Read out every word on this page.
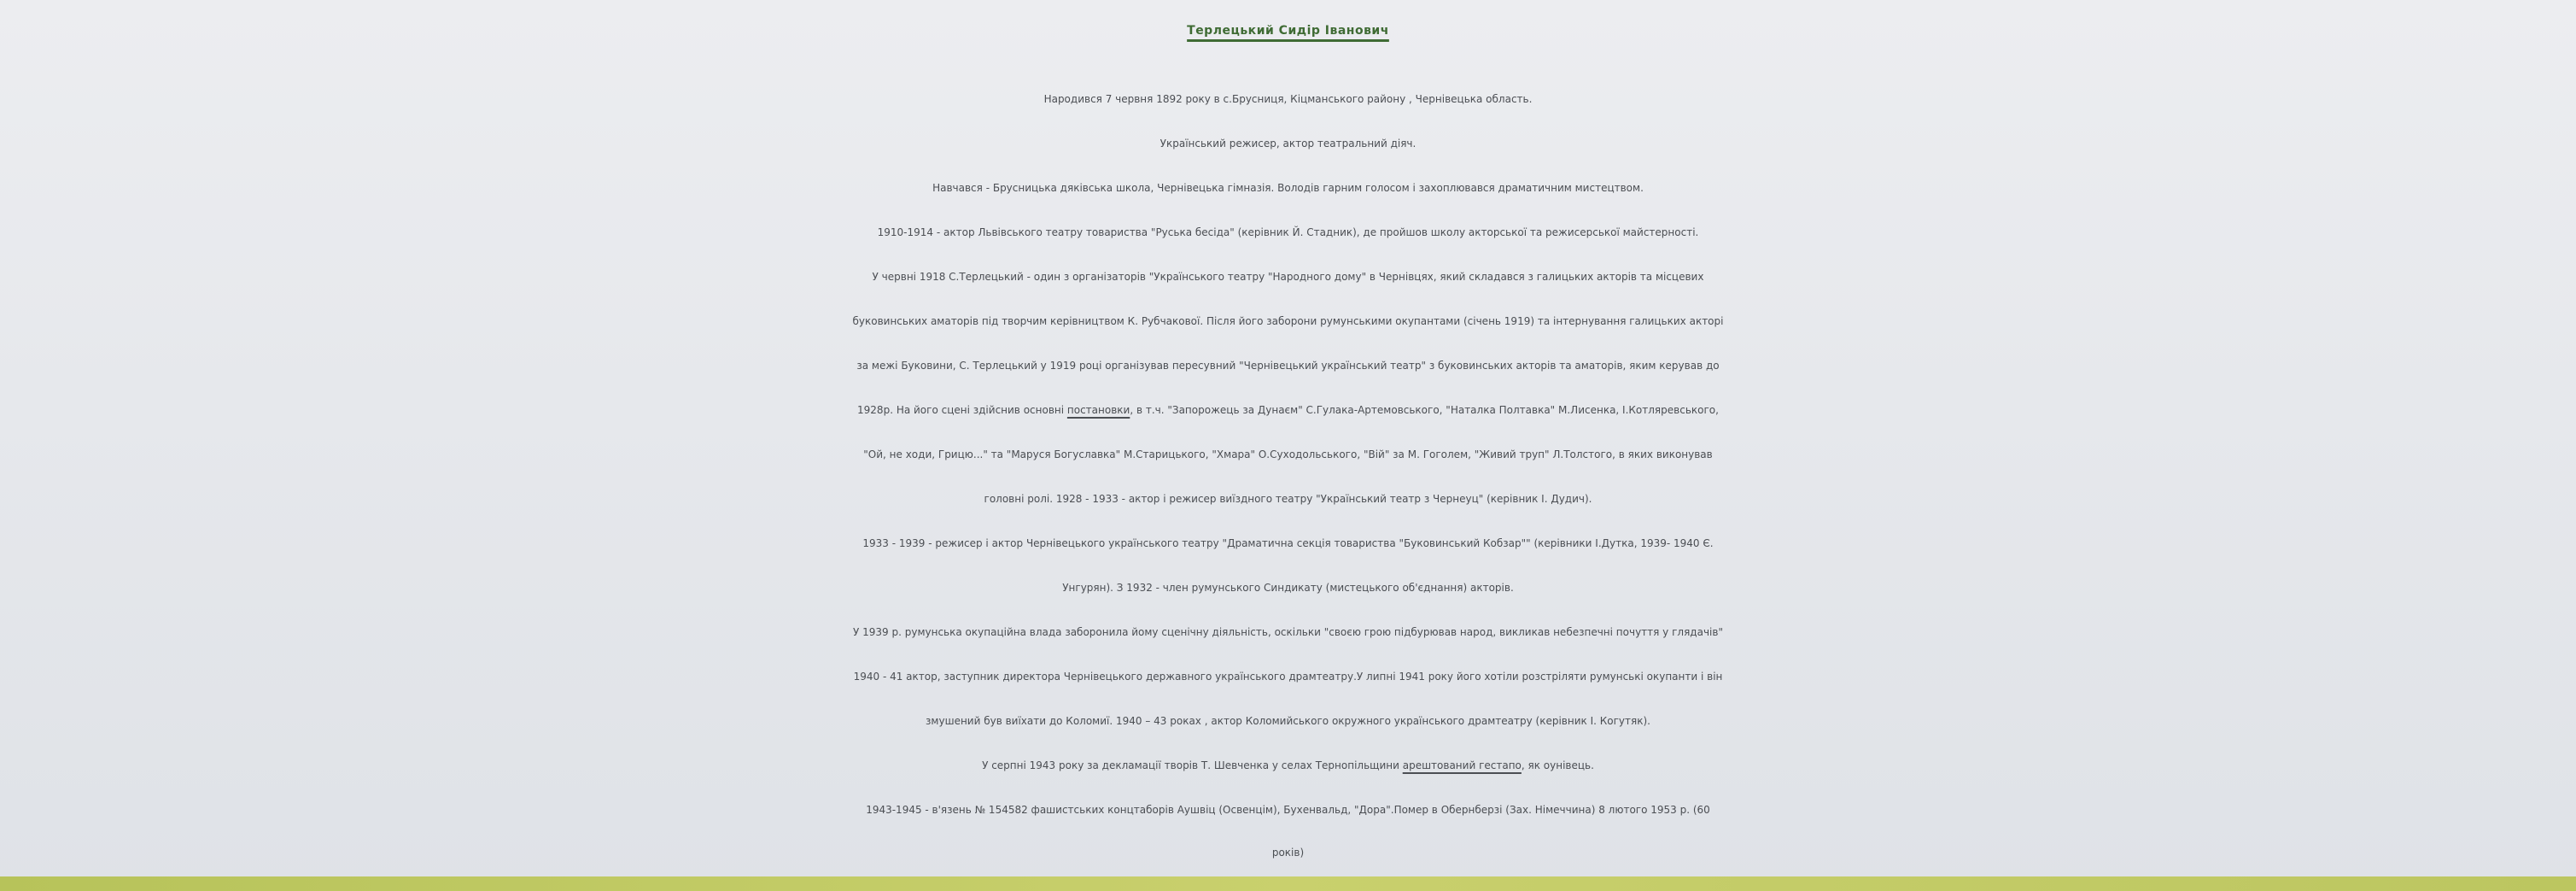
Терлецький Сидір Іванович
Народився 7 червня 1892 року в с.Брусниця, Кіцманського району , Чернівецька область.
Український режисер, актор театральний діяч.
Навчався - Брусницька дяківська школа, Чернівецька гімназія. Володів гарним голосом і захоплювався драматичним мистецтвом.
1910-1914 - актор Львівського театру товариства "Руська бесіда" (керівник Й. Стадник), де пройшов школу акторської та режисерської майстерності.
У червні 1918 С.Терлецький - один з організаторів "Українського театру "Народного дому" в Чернівцях, який складався з галицьких акторів та місцевих
буковинських аматорів під творчим керівництвом К. Рубчакової. Після його заборони румунськими окупантами (січень 1919) та інтернування галицьких акторі
за межі Буковини, С. Терлецький у 1919 році організував пересувний "Чернівецький український театр" з буковинських акторів та аматорів, яким керував до
1928р. На його сцені здійснив основні постановки, в т.ч. "Запорожець за Дунаєм" С.Гулака-Артемовського, "Наталка Полтавка" М.Лисенка, І.Котляревського,
"Ой, не ходи, Грицю..." та "Маруся Богуславка" М.Старицького, "Хмара" О.Суходольського, "Вій" за М. Гоголем, "Живий труп" Л.Толстого, в яких виконував
головні ролі. 1928 - 1933 - актор і режисер виїздного театру "Український театр з Чернеуц" (керівник І. Дудич).
1933 - 1939 - режисер і актор Чернівецького українського театру "Драматична секція товариства "Буковинський Кобзар"" (керівники І.Дутка, 1939- 1940 Є.
Унгурян). З 1932 - член румунського Синдикату (мистецького об'єднання) акторів.
У 1939 р. румунська окупаційна влада заборонила йому сценічну діяльність, оскільки "своєю грою підбурював народ, викликав небезпечні почуття у глядачів"
1940 - 41 актор, заступник директора Чернівецького державного українського драмтеатру.У липні 1941 року його хотіли розстріляти румунські окупанти і він
змушений був виїхати до Коломиї. 1940 – 43 роках , актор Коломийського окружного українського драмтеатру (керівник І. Когутяк).
У серпні 1943 року за декламації творів Т. Шевченка у селах Тернопільщини арештований гестапо, як оунівець.
1943-1945 - в'язень № 154582 фашистських концтаборів Аушвіц (Освенцім), Бухенвальд, "Дора".Помер в Обернберзі (Зах. Німеччина) 8 лютого 1953 р. (60
років)
